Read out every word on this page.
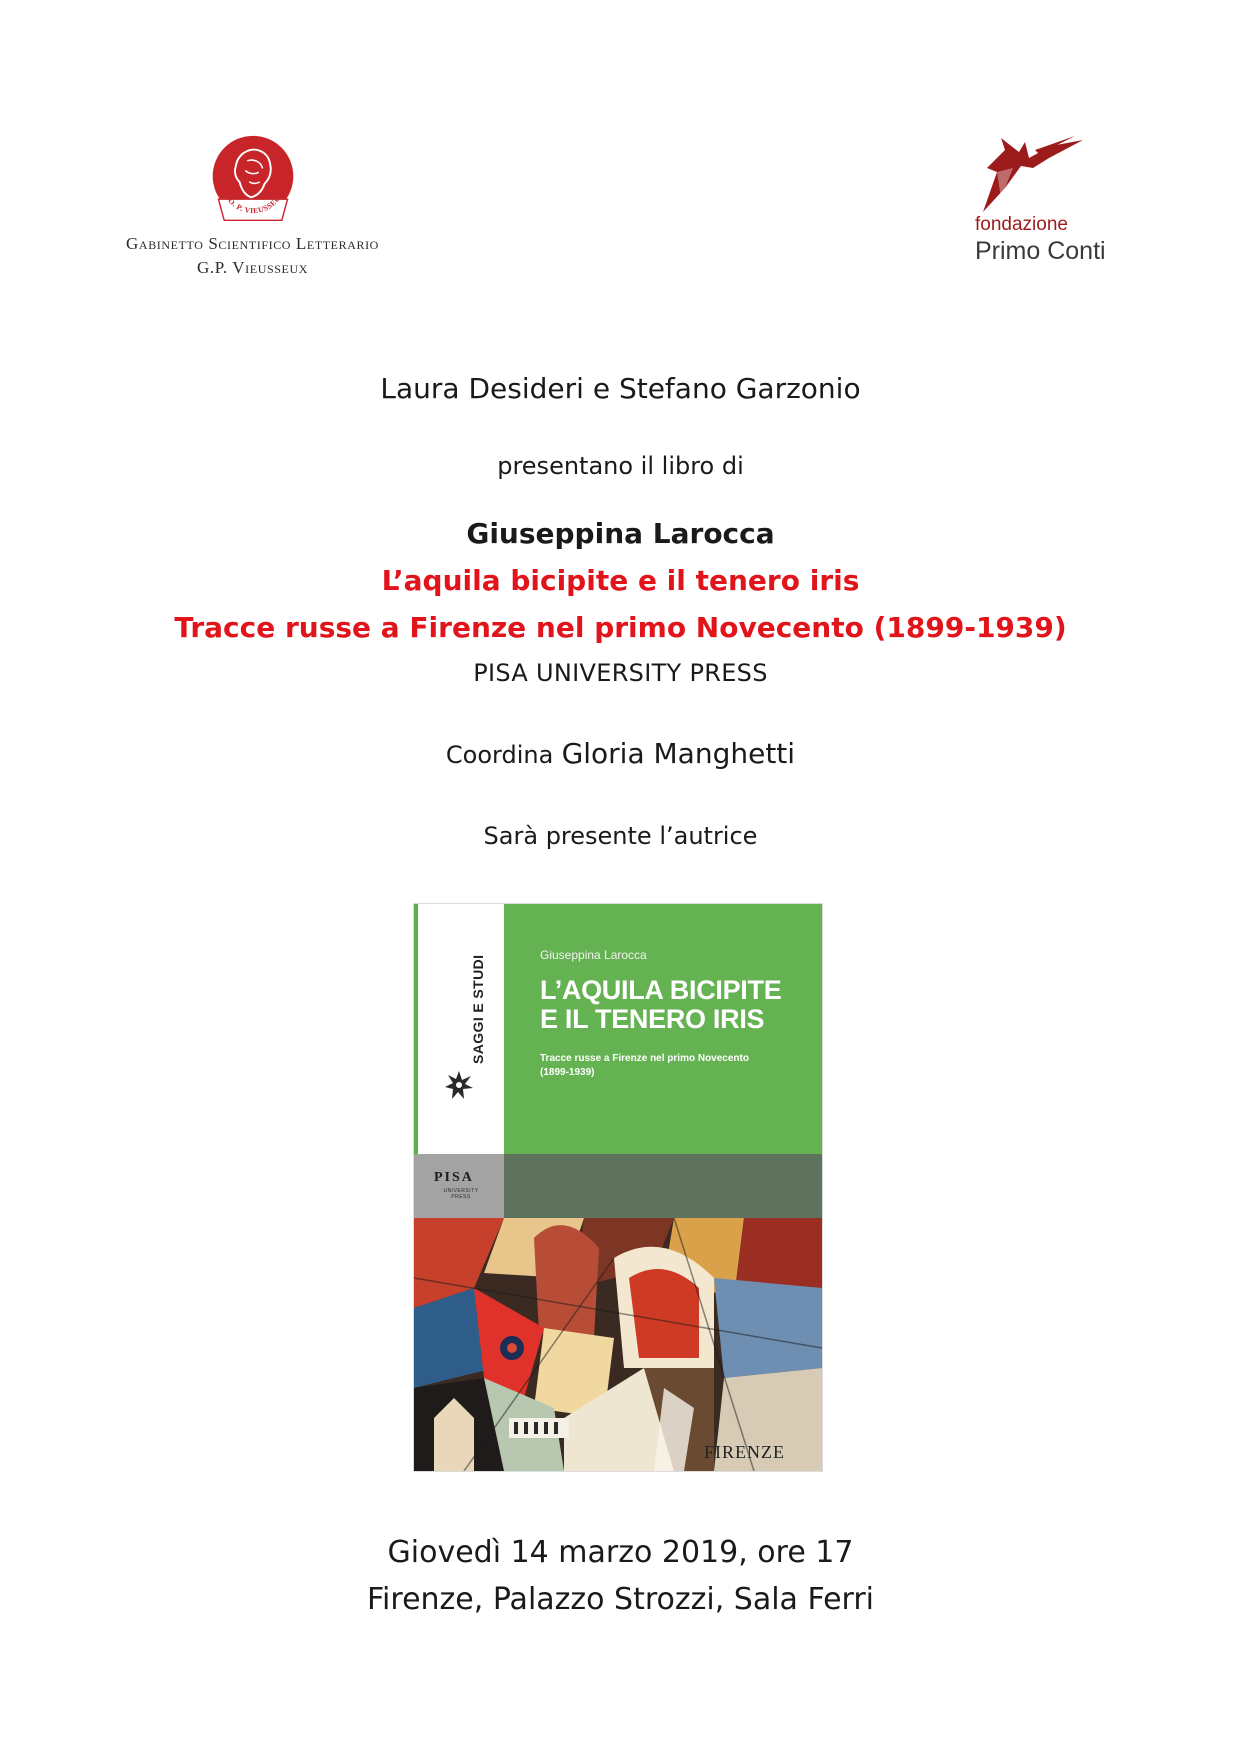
GIO. P. VIEUSSEUX
Gabinetto Scientifico Letterario
G.P. Vieusseux
fondazione
Primo Conti
Laura Desideri e Stefano Garzonio
presentano il libro di
Giuseppina Larocca
L’aquila bicipite e il tenero iris
Tracce russe a Firenze nel primo Novecento (1899-1939)
PISA UNIVERSITY PRESS
Coordina Gloria Manghetti
Sarà presente l’autrice
SAGGI E STUDI	Giuseppina Larocca
L’AQUILA BICIPITE
E IL TENERO IRIS
Tracce russe a Firenze nel primo Novecento
(1899-1939)
PISA
UNIVERSITY PRESS
FIRENZE
Giovedì 14 marzo 2019, ore 17
Firenze, Palazzo Strozzi, Sala Ferri
